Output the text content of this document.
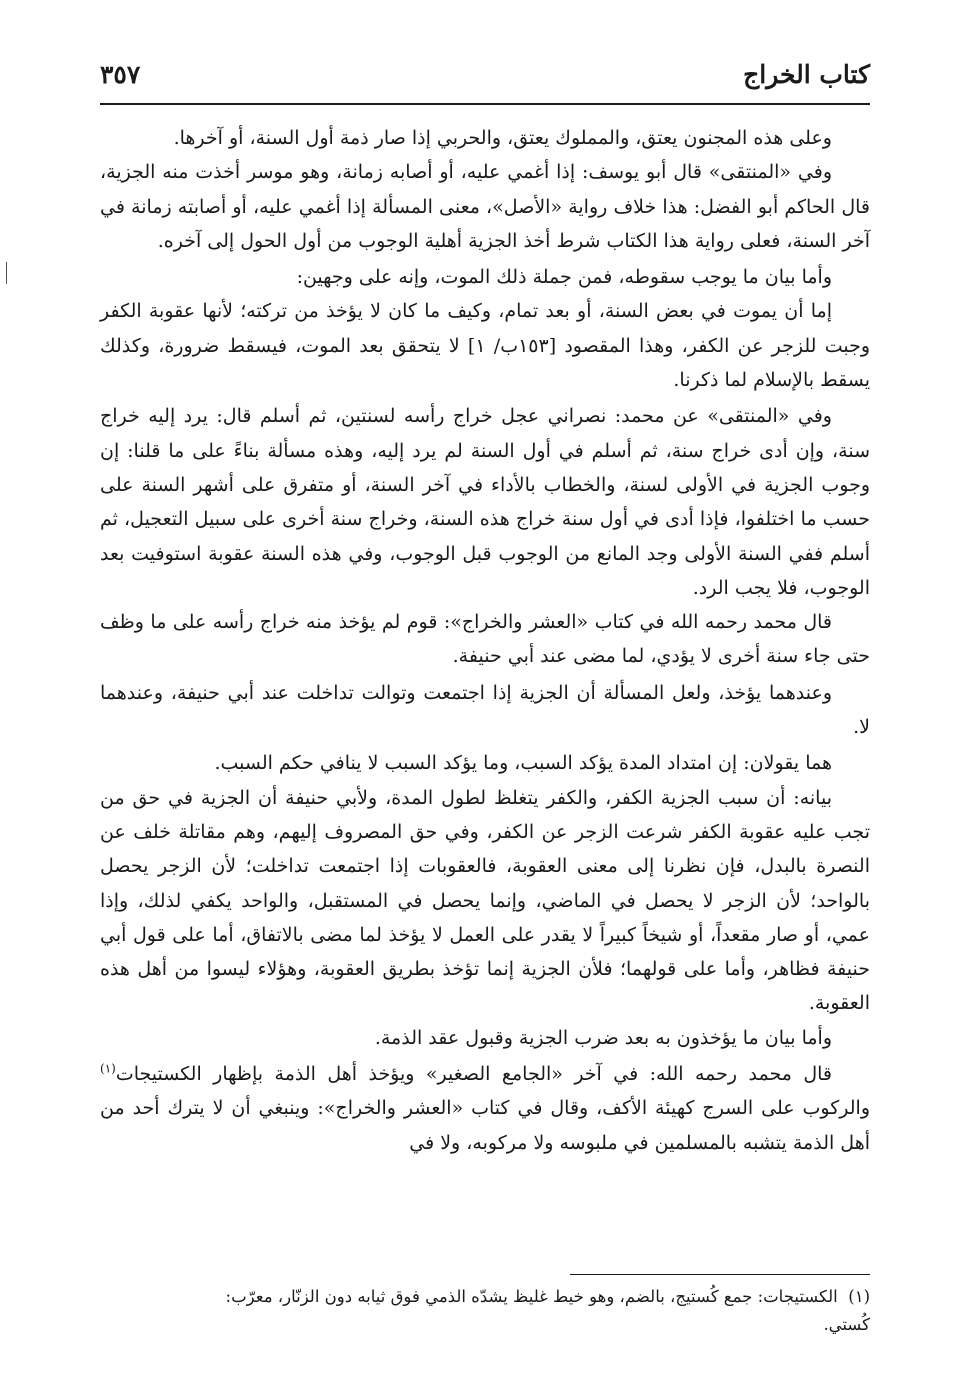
كتاب الخراج
٣٥٧

وعلى هذه المجنون يعتق، والمملوك يعتق، والحربي إذا صار ذمة أول السنة، أو آخرها.

وفي «المنتقى» قال أبو يوسف: إذا أغمي عليه، أو أصابه زمانة، وهو موسر أخذت منه الجزية، قال الحاكم أبو الفضل: هذا خلاف رواية «الأصل»، معنى المسألة إذا أغمي عليه، أو أصابته زمانة في آخر السنة، فعلى رواية هذا الكتاب شرط أخذ الجزية أهلية الوجوب من أول الحول إلى آخره.

وأما بيان ما يوجب سقوطه، فمن جملة ذلك الموت، وإنه على وجهين:

إما أن يموت في بعض السنة، أو بعد تمام، وكيف ما كان لا يؤخذ من تركته؛ لأنها عقوبة الكفر وجبت للزجر عن الكفر، وهذا المقصود [١٥٣ب/ ١] لا يتحقق بعد الموت، فيسقط ضرورة، وكذلك يسقط بالإسلام لما ذكرنا.

وفي «المنتقى» عن محمد: نصراني عجل خراج رأسه لسنتين، ثم أسلم قال: يرد إليه خراج سنة، وإن أدى خراج سنة، ثم أسلم في أول السنة لم يرد إليه، وهذه مسألة بناءً على ما قلنا: إن وجوب الجزية في الأولى لسنة، والخطاب بالأداء في آخر السنة، أو متفرق على أشهر السنة على حسب ما اختلفوا، فإذا أدى في أول سنة خراج هذه السنة، وخراج سنة أخرى على سبيل التعجيل، ثم أسلم ففي السنة الأولى وجد المانع من الوجوب قبل الوجوب، وفي هذه السنة عقوبة استوفيت بعد الوجوب، فلا يجب الرد.

قال محمد رحمه الله في كتاب «العشر والخراج»: قوم لم يؤخذ منه خراج رأسه على ما وظف حتى جاء سنة أخرى لا يؤدي، لما مضى عند أبي حنيفة.

وعندهما يؤخذ، ولعل المسألة أن الجزية إذا اجتمعت وتوالت تداخلت عند أبي حنيفة، وعندهما لا.

هما يقولان: إن امتداد المدة يؤكد السبب، وما يؤكد السبب لا ينافي حكم السبب.

بيانه: أن سبب الجزية الكفر، والكفر يتغلظ لطول المدة، ولأبي حنيفة أن الجزية في حق من تجب عليه عقوبة الكفر شرعت الزجر عن الكفر، وفي حق المصروف إليهم، وهم مقاتلة خلف عن النصرة بالبدل، فإن نظرنا إلى معنى العقوبة، فالعقوبات إذا اجتمعت تداخلت؛ لأن الزجر يحصل بالواحد؛ لأن الزجر لا يحصل في الماضي، وإنما يحصل في المستقبل، والواحد يكفي لذلك، وإذا عمي، أو صار مقعداً، أو شيخاً كبيراً لا يقدر على العمل لا يؤخذ لما مضى بالاتفاق، أما على قول أبي حنيفة فظاهر، وأما على قولهما؛ فلأن الجزية إنما تؤخذ بطريق العقوبة، وهؤلاء ليسوا من أهل هذه العقوبة.

وأما بيان ما يؤخذون به بعد ضرب الجزية وقبول عقد الذمة.

قال محمد رحمه الله: في آخر «الجامع الصغير» ويؤخذ أهل الذمة بإظهار الكستيجات$^{(١)}$ والركوب على السرج كهيئة الأكف، وقال في كتاب «العشر والخراج»: وينبغي أن لا يترك أحد من أهل الذمة يتشبه بالمسلمين في ملبوسه ولا مركوبه، ولا في

(١)  الكستيجات: جمع كُستيج، بالضم، وهو خيط غليظ يشدّه الذمي فوق ثيابه دون الزنّار، معرّب:

كُستي.
